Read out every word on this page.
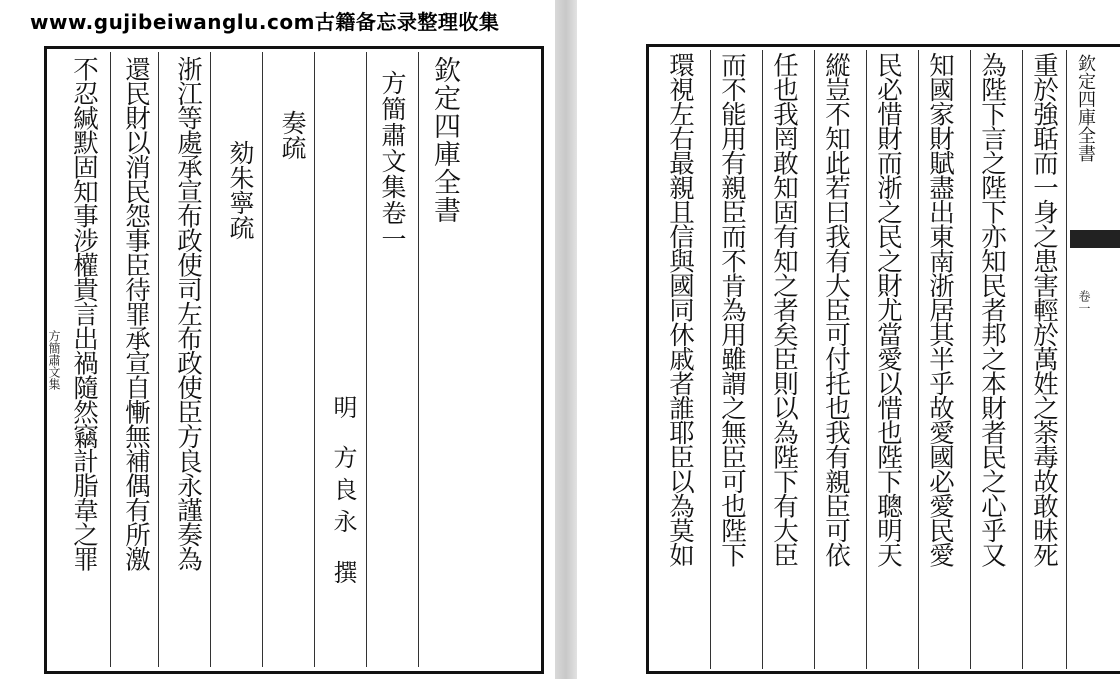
www.gujibeiwanglu.com古籍备忘录整理收集
方簡肅文集
欽定四庫全書
方簡肅文集卷一
明
方良永
撰
奏疏
劾朱寧疏
浙江等處承宣布政使司左布政使臣方良永謹奏為
還民財以消民怨事臣待罪承宣自慚無補偶有所激
不忍緘默固知事涉權貴言出禍隨然竊計脂韋之罪	重於強聒而一身之患害輕於萬姓之荼毒故敢昧死
為陛下言之陛下亦知民者邦之本財者民之心乎又
知國家財賦盡出東南浙居其半乎故愛國必愛民愛
民必惜財而浙之民之財尤當愛以惜也陛下聰明天
縱豈不知此若曰我有大臣可付托也我有親臣可依
任也我罔敢知固有知之者矣臣則以為陛下有大臣
而不能用有親臣而不肯為用雖謂之無臣可也陛下
環視左右最親且信與國同休戚者誰耶臣以為莫如	欽定四庫全書
卷一
